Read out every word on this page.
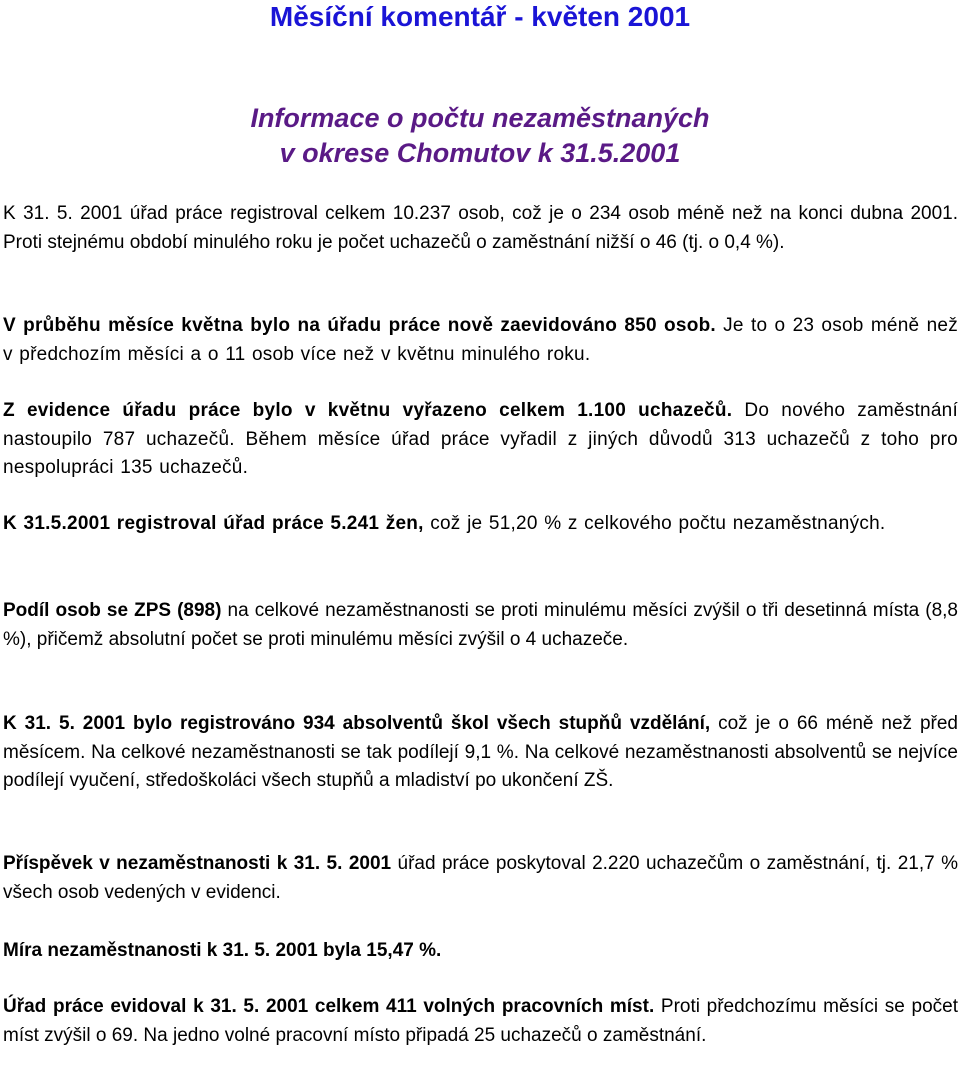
Měsíční komentář - květen 2001
Informace o počtu nezaměstnaných
v okrese Chomutov k 31.5.2001

K 31. 5. 2001 úřad práce registroval celkem 10.237 osob, což je o 234 osob méně než na konci dubna 2001. Proti stejnému období minulého roku je počet uchazečů o zaměstnání nižší o 46 (tj. o 0,4 %).

V průběhu měsíce května bylo na úřadu práce nově zaevidováno 850 osob. Je to o 23 osob méně než v předchozím měsíci a o 11 osob více než v květnu minulého roku.

Z evidence úřadu práce bylo v květnu vyřazeno celkem 1.100 uchazečů. Do nového zaměstnání nastoupilo 787 uchazečů. Během měsíce úřad práce vyřadil z jiných důvodů 313 uchazečů z toho pro nespolupráci 135 uchazečů.

K 31.5.2001 registroval úřad práce 5.241 žen, což je 51,20 % z celkového počtu nezaměstnaných.

Podíl osob se ZPS (898) na celkové nezaměstnanosti se proti minulému měsíci zvýšil o tři desetinná místa (8,8 %), přičemž absolutní počet se proti minulému měsíci zvýšil o 4 uchazeče.

K 31. 5. 2001 bylo registrováno 934 absolventů škol všech stupňů vzdělání, což je o 66 méně než před měsícem. Na celkové nezaměstnanosti se tak podílejí 9,1 %. Na celkové nezaměstnanosti absolventů se nejvíce podílejí vyučení, středoškoláci všech stupňů a mladiství po ukončení ZŠ.

Příspěvek v nezaměstnanosti k 31. 5. 2001 úřad práce poskytoval 2.220 uchazečům o zaměstnání, tj. 21,7 % všech osob vedených v evidenci.

Míra nezaměstnanosti k 31. 5. 2001 byla 15,47 %.

Úřad práce evidoval k 31. 5. 2001 celkem 411 volných pracovních míst. Proti předchozímu měsíci se počet míst zvýšil o 69. Na jedno volné pracovní místo připadá 25 uchazečů o zaměstnání.
